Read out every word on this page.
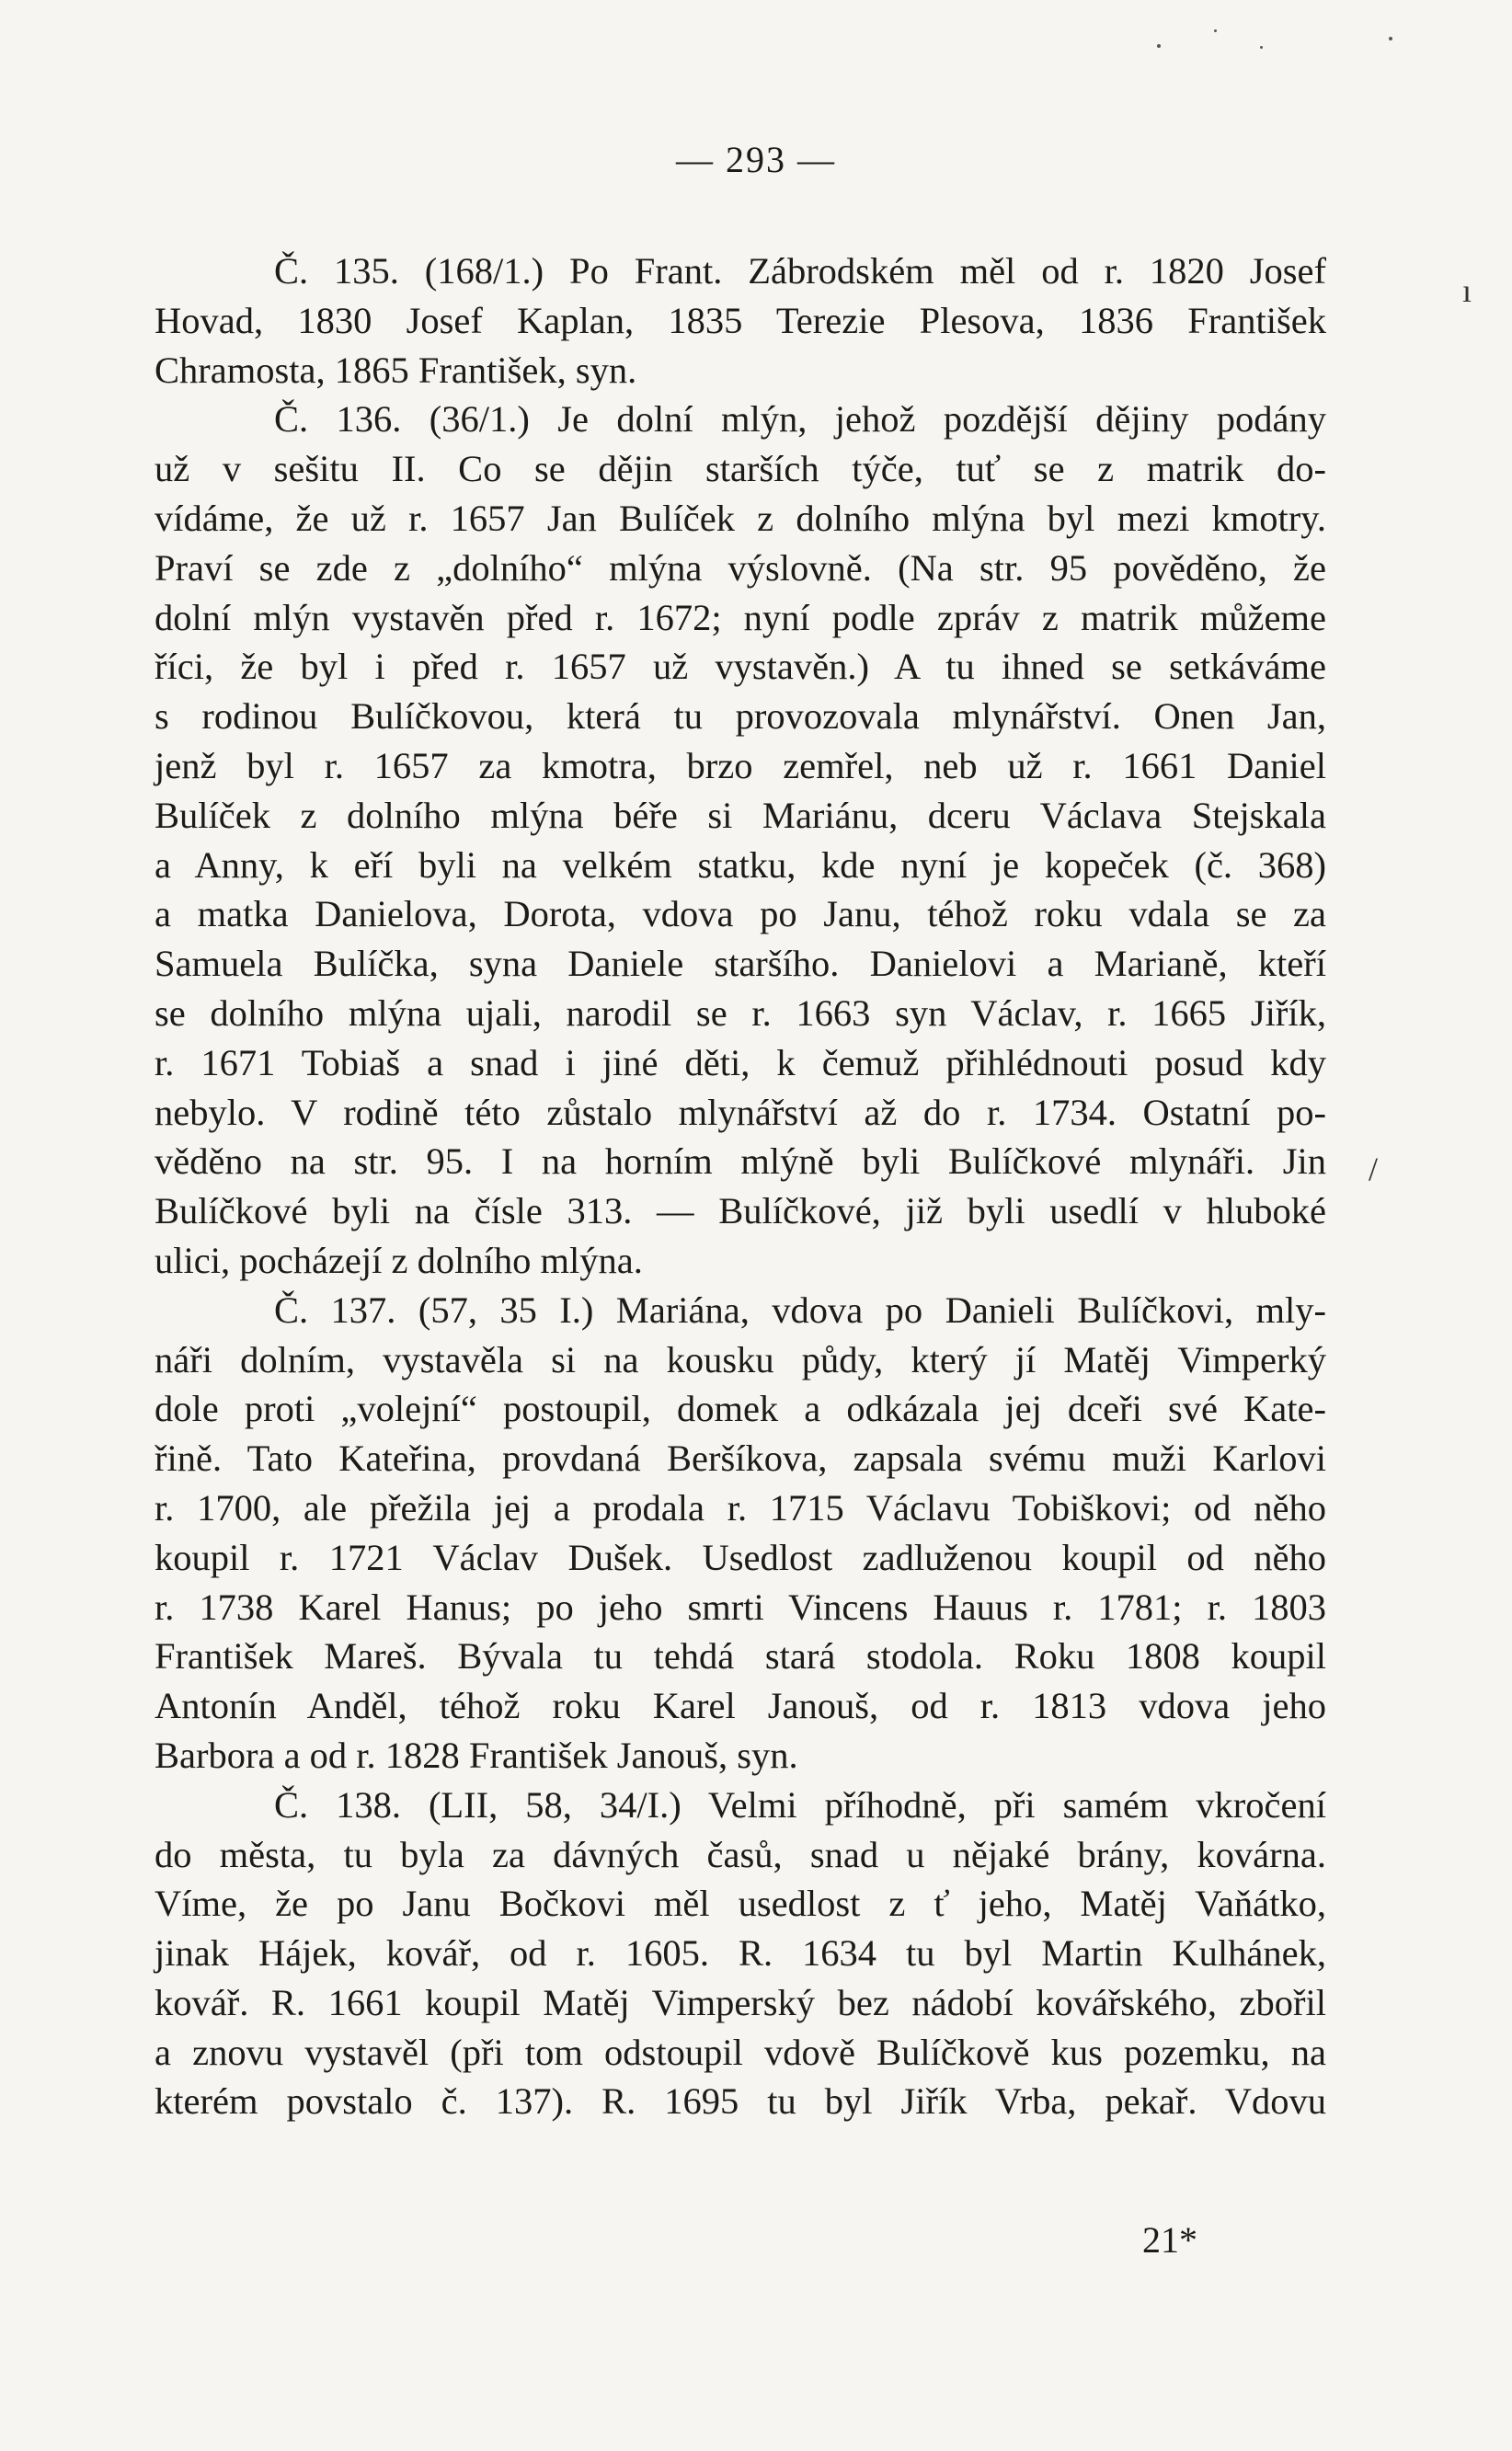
— 293 —
Č. 135. (168/1.) Po Frant. Zábrodském měl od r. 1820 Josef
Hovad, 1830 Josef Kaplan, 1835 Terezie Plesova, 1836 František
Chramosta, 1865 František, syn.
Č. 136. (36/1.) Je dolní mlýn, jehož pozdější dějiny podány
už v sešitu II. Co se dějin starších týče, tuť se z matrik do-
vídáme, že už r. 1657 Jan Bulíček z dolního mlýna byl mezi kmotry.
Praví se zde z „dolního“ mlýna výslovně. (Na str. 95 pověděno, že
dolní mlýn vystavěn před r. 1672; nyní podle zpráv z matrik můžeme
říci, že byl i před r. 1657 už vystavěn.) A tu ihned se setkáváme
s rodinou Bulíčkovou, která tu provozovala mlynářství. Onen Jan,
jenž byl r. 1657 za kmotra, brzo zemřel, neb už r. 1661 Daniel
Bulíček z dolního mlýna béře si Mariánu, dceru Václava Stejskala
a Anny, k eří byli na velkém statku, kde nyní je kopeček (č. 368)
a matka Danielova, Dorota, vdova po Janu, téhož roku vdala se za
Samuela Bulíčka, syna Daniele staršího. Danielovi a Marianě, kteří
se dolního mlýna ujali, narodil se r. 1663 syn Václav, r. 1665 Jiřík,
r. 1671 Tobiaš a snad i jiné děti, k čemuž přihlédnouti posud kdy
nebylo. V rodině této zůstalo mlynářství až do r. 1734. Ostatní po-
věděno na str. 95. I na horním mlýně byli Bulíčkové mlynáři. Jin
Bulíčkové byli na čísle 313. — Bulíčkové, již byli usedlí v hluboké
ulici, pocházejí z dolního mlýna.
Č. 137. (57, 35 I.) Mariána, vdova po Danieli Bulíčkovi, mly-
náři dolním, vystavěla si na kousku půdy, který jí Matěj Vimperký
dole proti „volejní“ postoupil, domek a odkázala jej dceři své Kate-
řině. Tato Kateřina, provdaná Beršíkova, zapsala svému muži Karlovi
r. 1700, ale přežila jej a prodala r. 1715 Václavu Tobiškovi; od něho
koupil r. 1721 Václav Dušek. Usedlost zadluženou koupil od něho
r. 1738 Karel Hanus; po jeho smrti Vincens Hauus r. 1781; r. 1803
František Mareš. Bývala tu tehdá stará stodola. Roku 1808 koupil
Antonín Anděl, téhož roku Karel Janouš, od r. 1813 vdova jeho
Barbora a od r. 1828 František Janouš, syn.
Č. 138. (LII, 58, 34/I.) Velmi příhodně, při samém vkročení
do města, tu byla za dávných časů, snad u nějaké brány, kovárna.
Víme, že po Janu Bočkovi měl usedlost z ť jeho, Matěj Vaňátko,
jinak Hájek, kovář, od r. 1605. R. 1634 tu byl Martin Kulhánek,
kovář. R. 1661 koupil Matěj Vimperský bez nádobí kovářského, zbořil
a znovu vystavěl (při tom odstoupil vdově Bulíčkově kus pozemku, na
kterém povstalo č. 137). R. 1695 tu byl Jiřík Vrba, pekař. Vdovu
21*
ı
/
